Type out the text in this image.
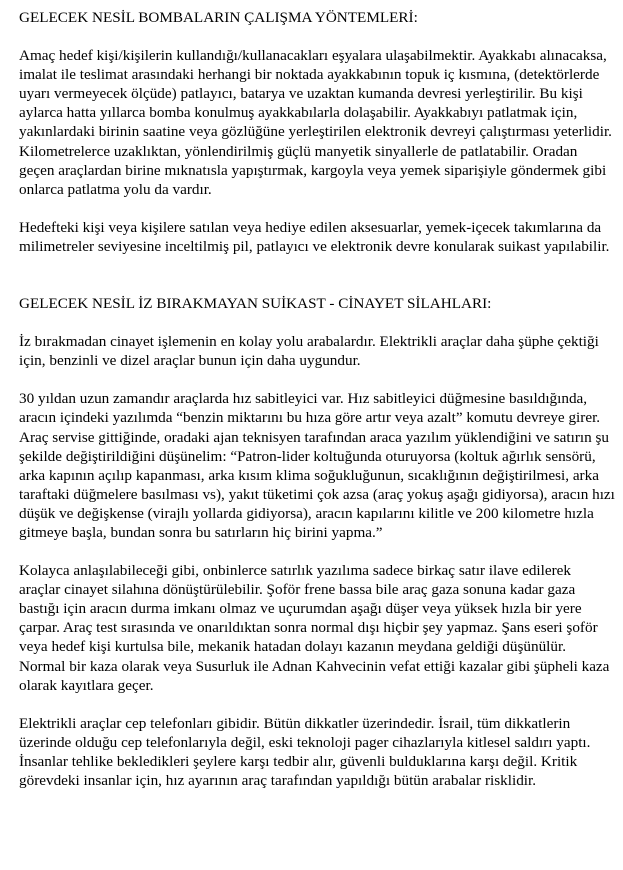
GELECEK NESİL BOMBALARIN ÇALIŞMA YÖNTEMLERİ:

Amaç hedef kişi/kişilerin kullandığı/kullanacakları eşyalara ulaşabilmektir. Ayakkabı alınacaksa, imalat ile teslimat arasındaki herhangi bir noktada ayakkabının topuk iç kısmına, (detektörlerde uyarı vermeyecek ölçüde) patlayıcı, batarya ve uzaktan kumanda devresi yerleştirilir. Bu kişi aylarca hatta yıllarca bomba konulmuş ayakkabılarla dolaşabilir. Ayakkabıyı patlatmak için, yakınlardaki birinin saatine veya gözlüğüne yerleştirilen elektronik devreyi çalıştırması yeterlidir. Kilometrelerce uzaklıktan, yönlendirilmiş güçlü manyetik sinyallerle de patlatabilir. Oradan geçen araçlardan birine mıknatısla yapıştırmak, kargoyla veya yemek siparişiyle göndermek gibi onlarca patlatma yolu da vardır.

Hedefteki kişi veya kişilere satılan veya hediye edilen aksesuarlar, yemek-içecek takımlarına da milimetreler seviyesine inceltilmiş pil, patlayıcı ve elektronik devre konularak suikast yapılabilir.

GELECEK NESİL İZ BIRAKMAYAN SUİKAST - CİNAYET SİLAHLARI:

İz bırakmadan cinayet işlemenin en kolay yolu arabalardır. Elektrikli araçlar daha şüphe çektiği için, benzinli ve dizel araçlar bunun için daha uygundur.

30 yıldan uzun zamandır araçlarda hız sabitleyici var. Hız sabitleyici düğmesine basıldığında, aracın içindeki yazılımda “benzin miktarını bu hıza göre artır veya azalt” komutu devreye girer. Araç servise gittiğinde, oradaki ajan teknisyen tarafından araca yazılım yüklendiğini ve satırın şu şekilde değiştirildiğini düşünelim: “Patron-lider koltuğunda oturuyorsa (koltuk ağırlık sensörü, arka kapının açılıp kapanması, arka kısım klima soğukluğunun, sıcaklığının değiştirilmesi, arka taraftaki düğmelere basılması vs), yakıt tüketimi çok azsa (araç yokuş aşağı gidiyorsa), aracın hızı düşük ve değişkense (virajlı yollarda gidiyorsa), aracın kapılarını kilitle ve 200 kilometre hızla gitmeye başla, bundan sonra bu satırların hiç birini yapma.”

Kolayca anlaşılabileceği gibi, onbinlerce satırlık yazılıma sadece birkaç satır ilave edilerek araçlar cinayet silahına dönüştürülebilir. Şoför frene bassa bile araç gaza sonuna kadar gaza bastığı için aracın durma imkanı olmaz ve uçurumdan aşağı düşer veya yüksek hızla bir yere çarpar. Araç test sırasında ve onarıldıktan sonra normal dışı hiçbir şey yapmaz. Şans eseri şoför veya hedef kişi kurtulsa bile, mekanik hatadan dolayı kazanın meydana geldiği düşünülür. Normal bir kaza olarak veya Susurluk ile Adnan Kahvecinin vefat ettiği kazalar gibi şüpheli kaza olarak kayıtlara geçer.

Elektrikli araçlar cep telefonları gibidir. Bütün dikkatler üzerindedir. İsrail, tüm dikkatlerin üzerinde olduğu cep telefonlarıyla değil, eski teknoloji pager cihazlarıyla kitlesel saldırı yaptı. İnsanlar tehlike bekledikleri şeylere karşı tedbir alır, güvenli bulduklarına karşı değil. Kritik görevdeki insanlar için, hız ayarının araç tarafından yapıldığı bütün arabalar risklidir.
